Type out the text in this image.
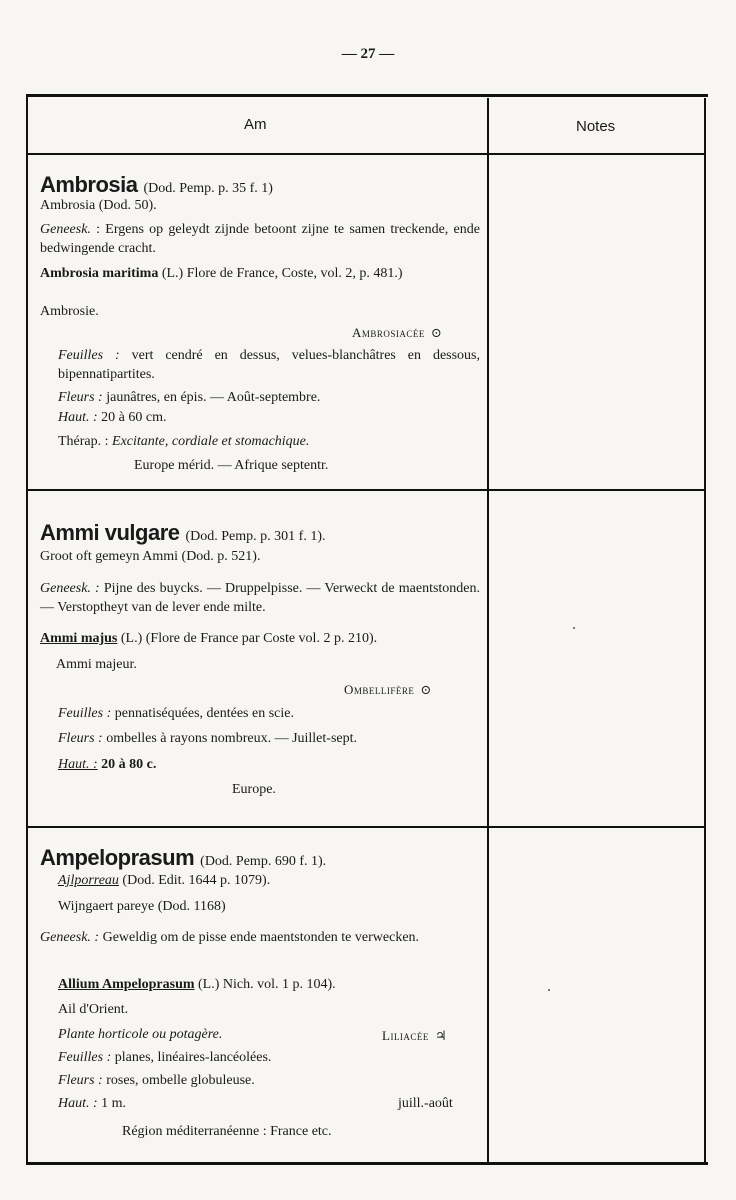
— 27 —
Am	Notes
Ambrosia (Dod. Pemp. p. 35 f. 1)
Ambrosia (Dod. 50).
Geneesk. : Ergens op geleydt zijnde betoont zijne te samen treckende, ende bedwingende cracht.
Ambrosia maritima (L.) Flore de France, Coste, vol. 2, p. 481.)
Ambrosie.
Ambrosiacée ⊙
Feuilles : vert cendré en dessus, velues-blanchâtres en dessous, bipennatipartites.
Fleurs : jaunâtres, en épis. — Août-septembre.
Haut. : 20 à 60 cm.
Thérap. : Excitante, cordiale et stomachique.
Europe mérid. — Afrique septentr.
Ammi vulgare (Dod. Pemp. p. 301 f. 1).
Groot oft gemeyn Ammi (Dod. p. 521).
Geneesk. : Pijne des buycks. — Druppelpisse. — Verweckt de maentstonden. — Verstoptheyt van de lever ende milte.
Ammi majus (L.) (Flore de France par Coste vol. 2 p. 210).
Ammi majeur.
Ombellifère ⊙
Feuilles : pennatiséquées, dentées en scie.
Fleurs : ombelles à rayons nombreux. — Juillet-sept.
Haut. : 20 à 80 c.
Europe.
Ampeloprasum (Dod. Pemp. 690 f. 1).
Ajlporreau (Dod. Edit. 1644 p. 1079).
Wijngaert pareye (Dod. 1168)
Geneesk. : Geweldig om de pisse ende maentstonden te verwecken.
Allium Ampeloprasum (L.) Nich. vol. 1 p. 104).
Ail d'Orient.
Plante horticole ou potagère.	Liliacée ♃
Feuilles : planes, linéaires-lancéolées.
Fleurs : roses, ombelle globuleuse.
Haut. : 1 m.	juill.-août
Région méditerranéenne : France etc.
